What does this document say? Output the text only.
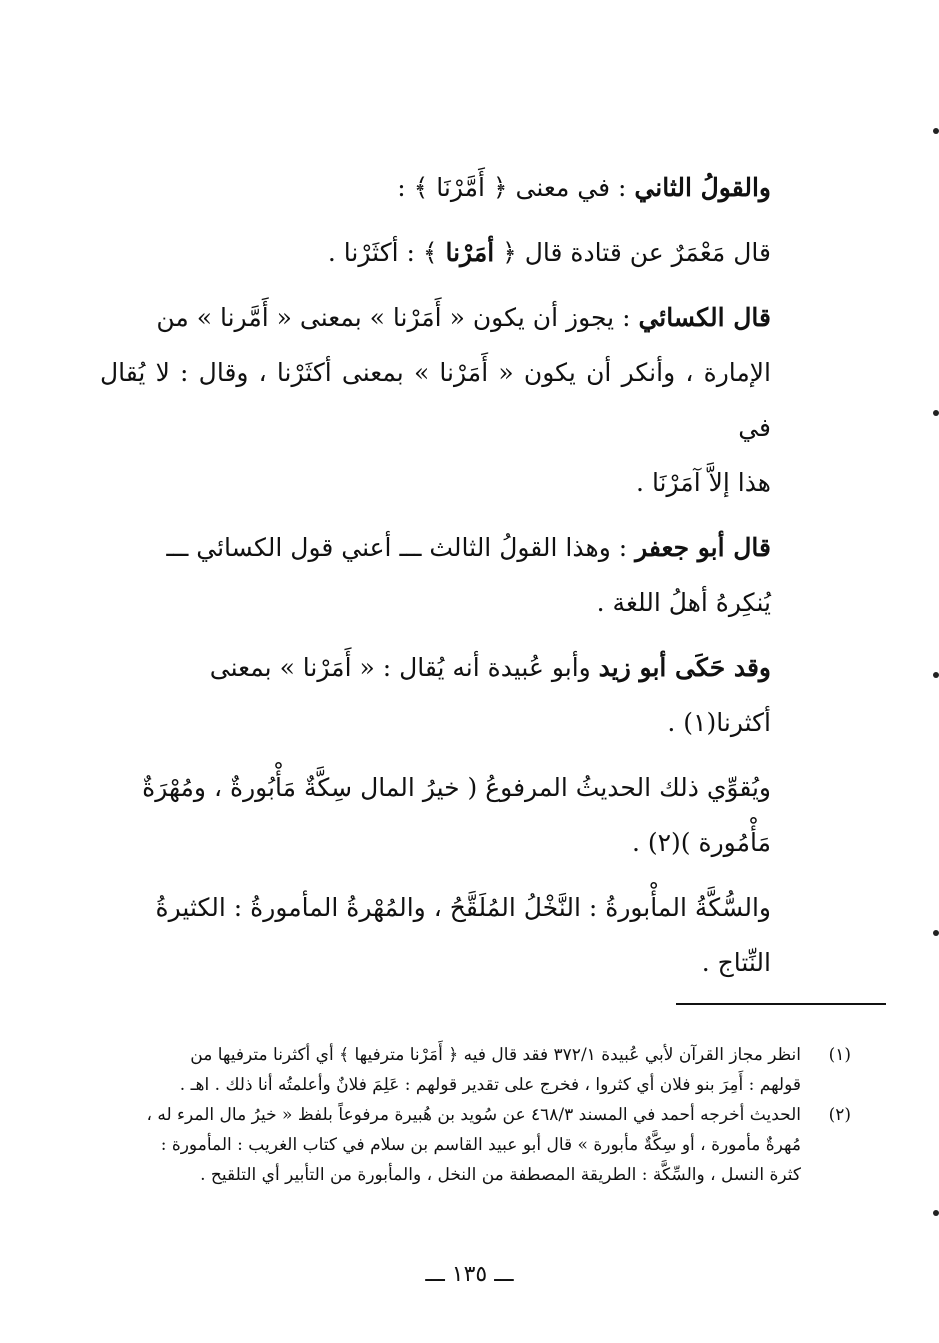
والقولُ الثاني : في معنى ﴿ أَمَّرْنَا ﴾ :
قال مَعْمَرٌ عن قتادة قال ﴿ أمَرْنا ﴾ : أكثَرْنا .
قال الكسائي : يجوز أن يكون « أَمَرْنا » بمعنى « أَمَّرنا » من
الإمارة ، وأنكر أن يكون « أَمَرْنا » بمعنى أكثَرْنا ، وقال : لا يُقال في
هذا إلاَّ آمَرْنَا .
قال أبو جعفر : وهذا القولُ الثالث ـــ أعني قول الكسائي ـــ
يُنكِرهُ أهلُ اللغة .
وقد حَكَى أبو زيد وأبو عُبيدة أنه يُقال : « أَمَرْنا » بمعنى
أكثرنا(١) .
ويُقوِّي ذلك الحديثُ المرفوعُ ( خيرُ المال سِكَّةٌ مَأْبُورةٌ ، ومُهْرَةٌ
مَأْمُورة )(٢) .
والسُّكَّةُ المأْبورةُ : النَّخْلُ المُلَقَّحُ ، والمُهْرةُ المأمورةُ : الكثيرةُ
النِّتاج .
(١)
انظر مجاز القرآن لأبي عُبيدة ٣٧٢/١ فقد قال فيه ﴿ أَمَرْنا مترفيها ﴾ أي أكثرنا مترفيها من
قولهم : أَمِرَ بنو فلان أي كثروا ، فخرج على تقدير قولهم : عَلِمَ فلانٌ وأعلمتُه أنا ذلك . اهـ .
(٢)
الحديث أخرجه أحمد في المسند ٤٦٨/٣ عن سُويد بن هُبيرة مرفوعاً بلفظ « خيرُ مال المرء له ،
مُهرةٌ مأمورة ، أو سِكَّةٌ مأبورة » قال أبو عبيد القاسم بن سلام في كتاب الغريب : المأمورة :
كثرة النسل ، والسِّكَّة : الطريقة المصطفة من النخل ، والمأبورة من التأبير أي التلقيح .
ـــ ١٣٥ ـــ
